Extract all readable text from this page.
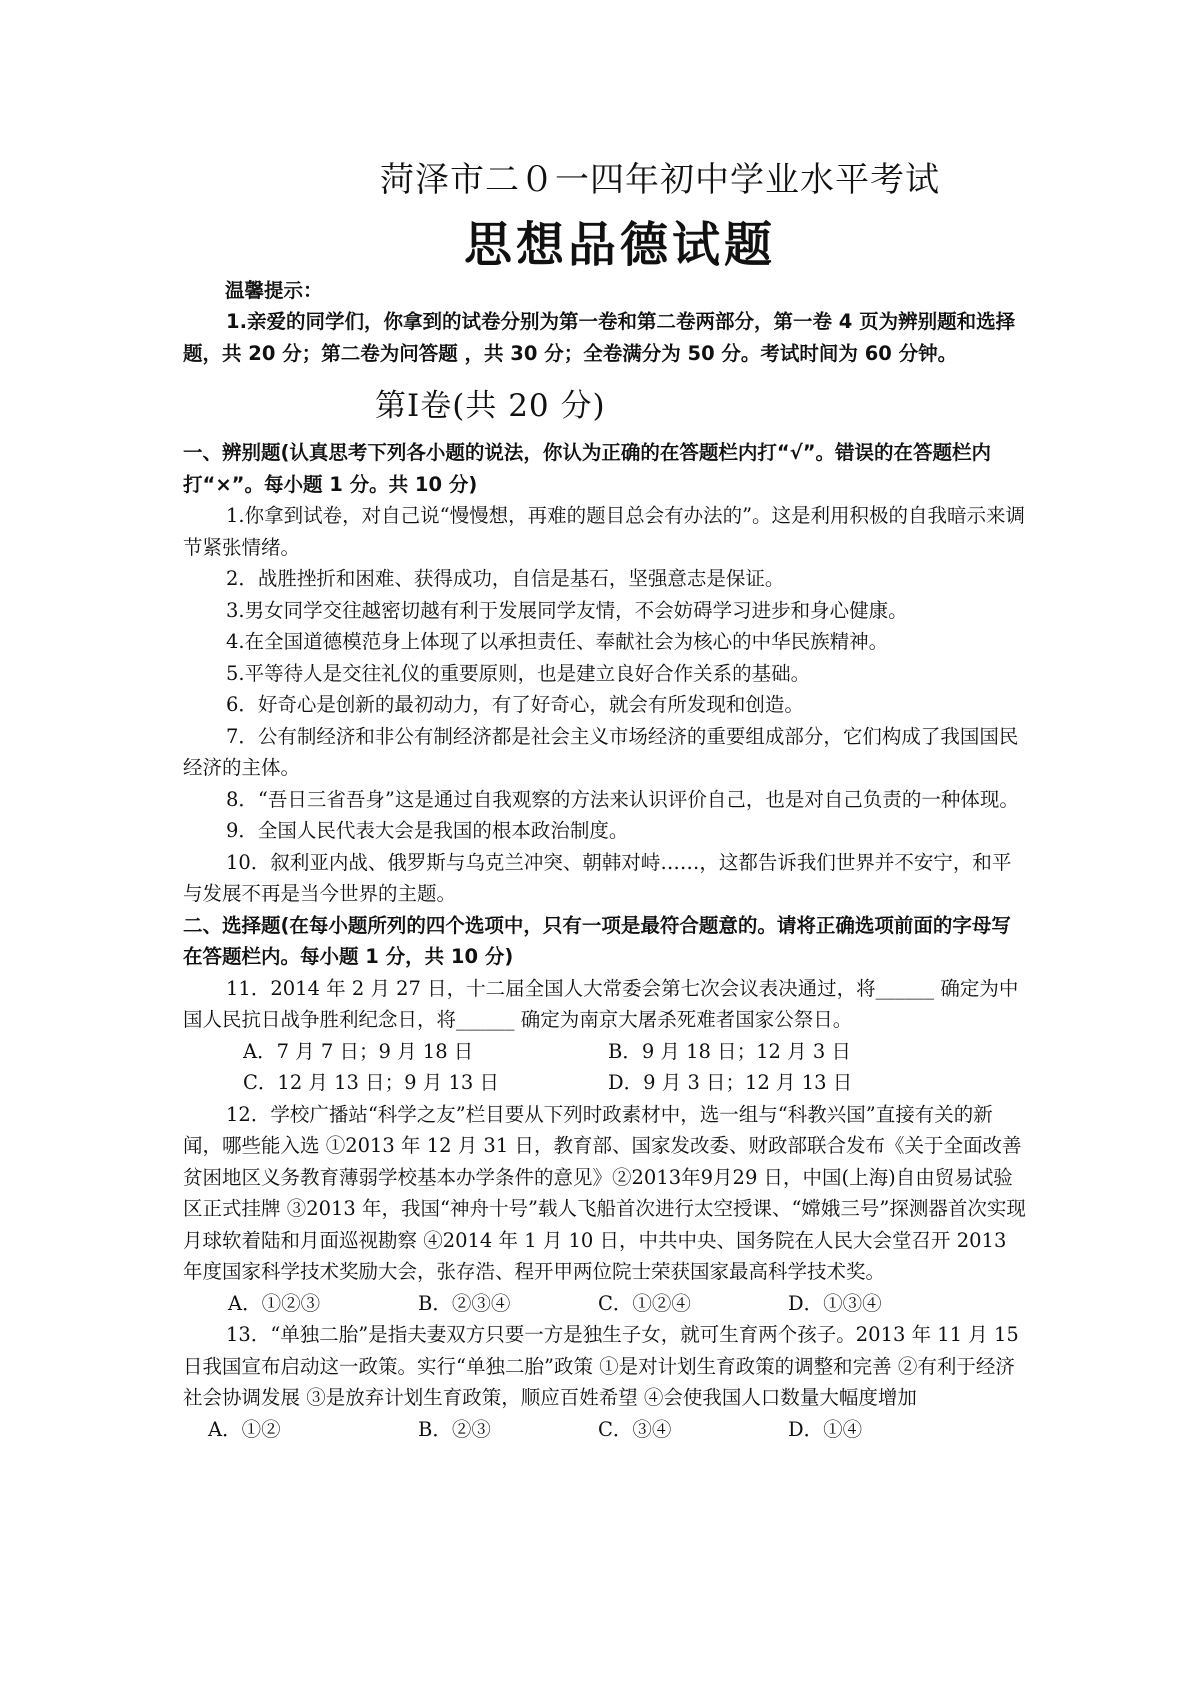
菏泽市二０一四年初中学业水平考试
思想品德试题
温馨提示：
1.亲爱的同学们，你拿到的试卷分别为第一卷和第二卷两部分，第一卷 4 页为辨别题和选择题，共 20 分；第二卷为问答题 ，共 30 分；全卷满分为 50 分。考试时间为 60 分钟。
第Ⅰ卷(共 20 分)
一、辨别题(认真思考下列各小题的说法，你认为正确的在答题栏内打“√”。错误的在答题栏内打“×”。每小题 1 分。共 10 分)
1.你拿到试卷，对自己说“慢慢想，再难的题目总会有办法的”。这是利用积极的自我暗示来调节紧张情绪。
2．战胜挫折和困难、获得成功，自信是基石，坚强意志是保证。
3.男女同学交往越密切越有利于发展同学友情，不会妨碍学习进步和身心健康。
4.在全国道德模范身上体现了以承担责任、奉献社会为核心的中华民族精神。
5.平等待人是交往礼仪的重要原则，也是建立良好合作关系的基础。
6．好奇心是创新的最初动力，有了好奇心，就会有所发现和创造。
7．公有制经济和非公有制经济都是社会主义市场经济的重要组成部分，它们构成了我国国民经济的主体。
8．“吾日三省吾身”这是通过自我观察的方法来认识评价自己，也是对自己负责的一种体现。
9．全国人民代表大会是我国的根本政治制度。
10．叙利亚内战、俄罗斯与乌克兰冲突、朝韩对峙……，这都告诉我们世界并不安宁，和平与发展不再是当今世界的主题。
二、选择题(在每小题所列的四个选项中，只有一项是最符合题意的。请将正确选项前面的字母写在答题栏内。每小题 1 分，共 10 分)
11．2014 年 2 月 27 日，十二届全国人大常委会第七次会议表决通过，将______ 确定为中国人民抗日战争胜利纪念日，将______ 确定为南京大屠杀死难者国家公祭日。
A．7 月 7 日；9 月 18 日	B．9 月 18 日；12 月 3 日
C．12 月 13 日；9 月 13 日	D．9 月 3 日；12 月 13 日
12．学校广播站“科学之友”栏目要从下列时政素材中，选一组与“科教兴国”直接有关的新闻，哪些能入选 ①2013 年 12 月 31 日，教育部、国家发改委、财政部联合发布《关于全面改善贫困地区义务教育薄弱学校基本办学条件的意见》②2013年9月29 日，中国(上海)自由贸易试验区正式挂牌 ③2013 年，我国“神舟十号”载人飞船首次进行太空授课、“嫦娥三号”探测器首次实现月球软着陆和月面巡视勘察 ④2014 年 1 月 10 日，中共中央、国务院在人民大会堂召开 2013 年度国家科学技术奖励大会，张存浩、程开甲两位院士荣获国家最高科学技术奖。
A．①②③	B．②③④	C．①②④	D．①③④
13．“单独二胎”是指夫妻双方只要一方是独生子女，就可生育两个孩子。2013 年 11 月 15 日我国宣布启动这一政策。实行“单独二胎”政策 ①是对计划生育政策的调整和完善 ②有利于经济社会协调发展 ③是放弃计划生育政策，顺应百姓希望 ④会使我国人口数量大幅度增加
A．①②	B．②③	C．③④	D．①④
